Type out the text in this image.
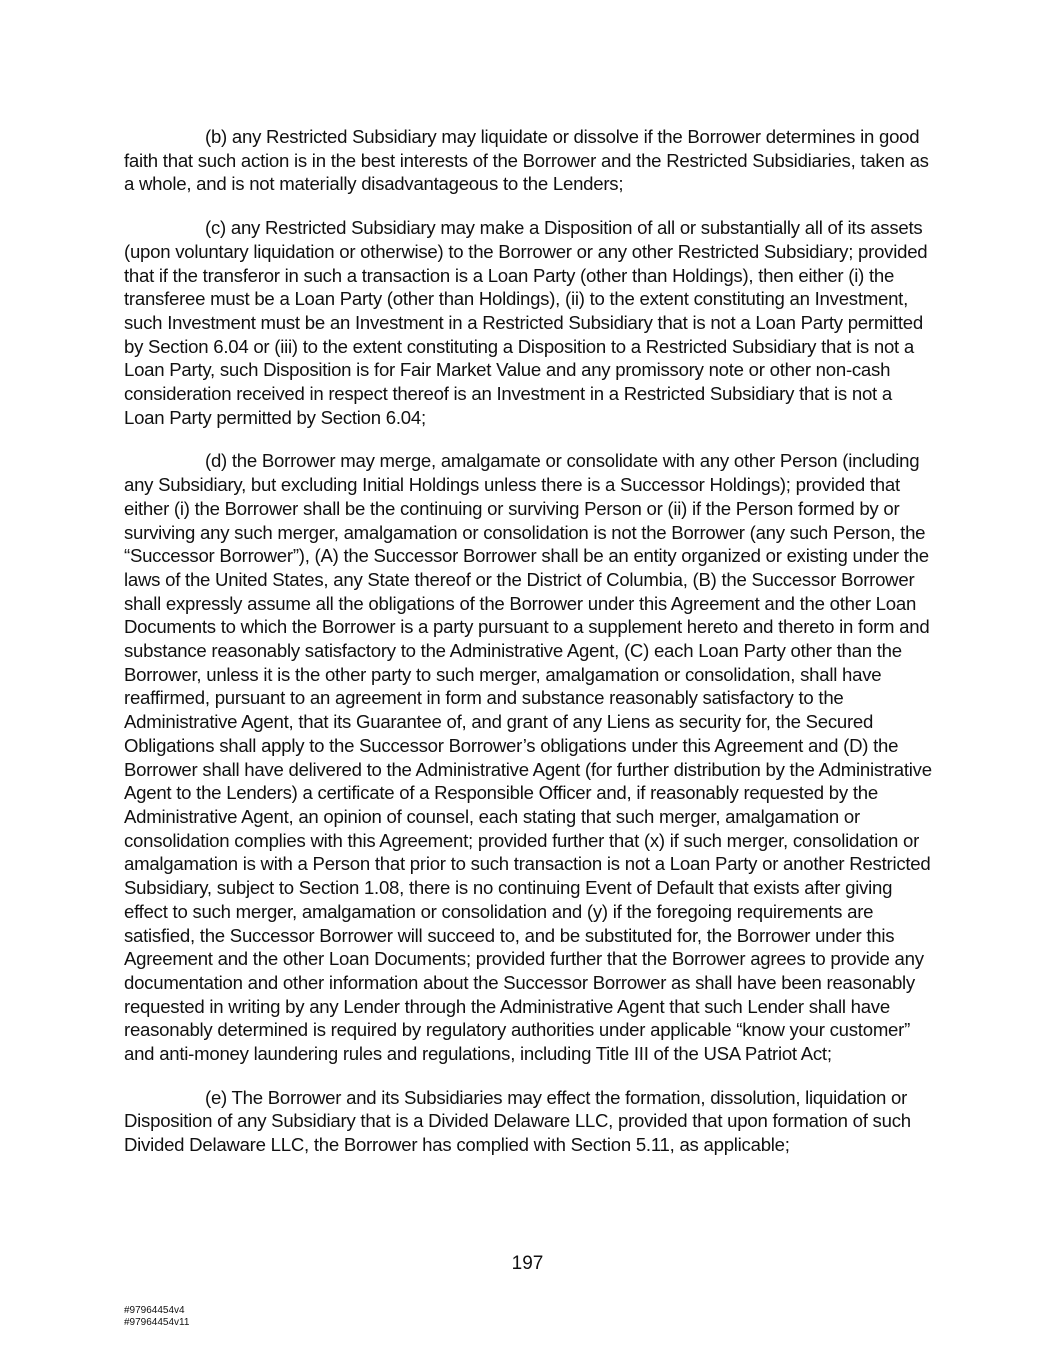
(b) any Restricted Subsidiary may liquidate or dissolve if the Borrower determines in good faith that such action is in the best interests of the Borrower and the Restricted Subsidiaries, taken as a whole, and is not materially disadvantageous to the Lenders;

(c) any Restricted Subsidiary may make a Disposition of all or substantially all of its assets (upon voluntary liquidation or otherwise) to the Borrower or any other Restricted Subsidiary; provided that if the transferor in such a transaction is a Loan Party (other than Holdings), then either (i) the transferee must be a Loan Party (other than Holdings), (ii) to the extent constituting an Investment, such Investment must be an Investment in a Restricted Subsidiary that is not a Loan Party permitted by Section 6.04 or (iii) to the extent constituting a Disposition to a Restricted Subsidiary that is not a Loan Party, such Disposition is for Fair Market Value and any promissory note or other non-cash consideration received in respect thereof is an Investment in a Restricted Subsidiary that is not a Loan Party permitted by Section 6.04;

(d) the Borrower may merge, amalgamate or consolidate with any other Person (including any Subsidiary, but excluding Initial Holdings unless there is a Successor Holdings); provided that either (i) the Borrower shall be the continuing or surviving Person or (ii) if the Person formed by or surviving any such merger, amalgamation or consolidation is not the Borrower (any such Person, the “Successor Borrower”), (A) the Successor Borrower shall be an entity organized or existing under the laws of the United States, any State thereof or the District of Columbia, (B) the Successor Borrower shall expressly assume all the obligations of the Borrower under this Agreement and the other Loan Documents to which the Borrower is a party pursuant to a supplement hereto and thereto in form and substance reasonably satisfactory to the Administrative Agent, (C) each Loan Party other than the Borrower, unless it is the other party to such merger, amalgamation or consolidation, shall have reaffirmed, pursuant to an agreement in form and substance reasonably satisfactory to the Administrative Agent, that its Guarantee of, and grant of any Liens as security for, the Secured Obligations shall apply to the Successor Borrower’s obligations under this Agreement and (D) the Borrower shall have delivered to the Administrative Agent (for further distribution by the Administrative Agent to the Lenders) a certificate of a Responsible Officer and, if reasonably requested by the Administrative Agent, an opinion of counsel, each stating that such merger, amalgamation or consolidation complies with this Agreement; provided further that (x) if such merger, consolidation or amalgamation is with a Person that prior to such transaction is not a Loan Party or another Restricted Subsidiary, subject to Section 1.08, there is no continuing Event of Default that exists after giving effect to such merger, amalgamation or consolidation and (y) if the foregoing requirements are satisfied, the Successor Borrower will succeed to, and be substituted for, the Borrower under this Agreement and the other Loan Documents; provided further that the Borrower agrees to provide any documentation and other information about the Successor Borrower as shall have been reasonably requested in writing by any Lender through the Administrative Agent that such Lender shall have reasonably determined is required by regulatory authorities under applicable “know your customer” and anti-money laundering rules and regulations, including Title III of the USA Patriot Act;

(e) The Borrower and its Subsidiaries may effect the formation, dissolution, liquidation or Disposition of any Subsidiary that is a Divided Delaware LLC, provided that upon formation of such Divided Delaware LLC, the Borrower has complied with Section 5.11, as applicable;

197
#97964454v4
#97964454v11
